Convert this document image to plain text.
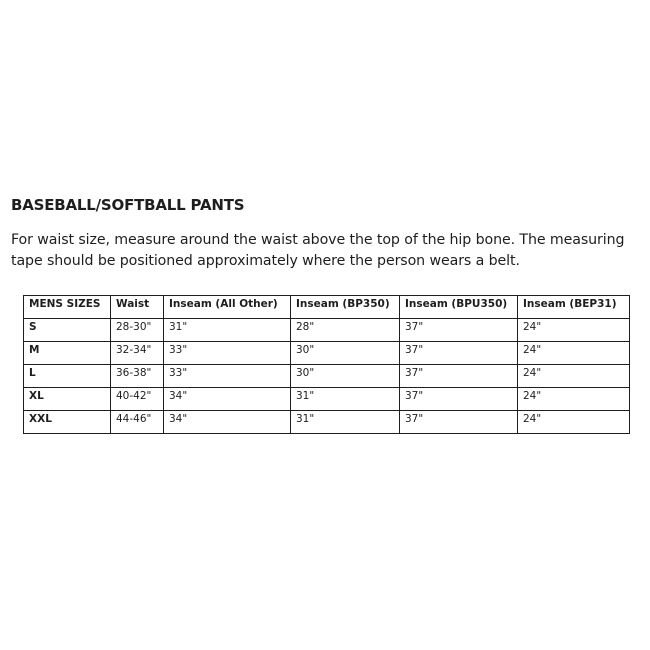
BASEBALL/SOFTBALL PANTS
For waist size, measure around the waist above the top of the hip bone. The measuring tape should be positioned approximately where the person wears a belt.
MENS SIZES	Waist	Inseam (All Other)	Inseam (BP350)	Inseam (BPU350)	Inseam (BEP31)
S	28-30"	31"	28"	37"	24"
M	32-34"	33"	30"	37"	24"
L	36-38"	33"	30"	37"	24"
XL	40-42"	34"	31"	37"	24"
XXL	44-46"	34"	31"	37"	24"
